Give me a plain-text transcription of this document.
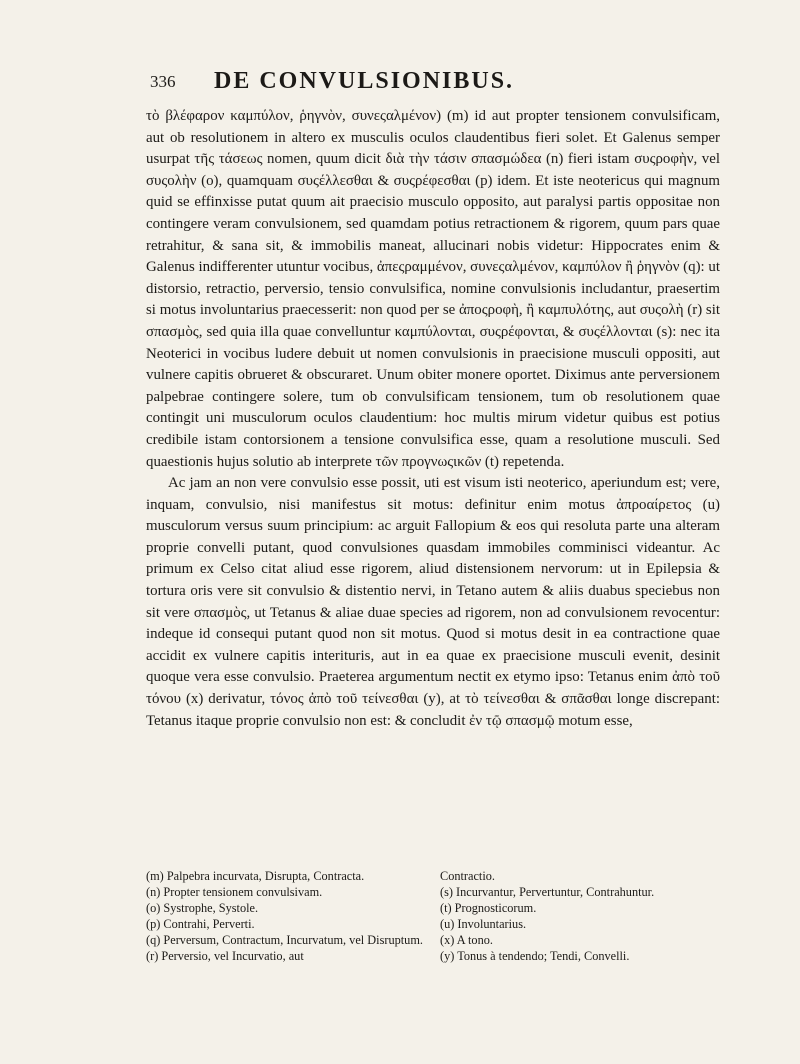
336 DE CONVULSIONIBUS.

τὸ βλέφαρον καμπύλον, ῥηγνὸν, συνεςαλμένον) (m) id aut propter tensionem convulsificam, aut ob resolutionem in altero ex musculis oculos claudentibus fieri solet. Et Galenus semper usurpat τῆς τάσεως nomen, quum dicit διὰ τὴν τάσιν σπασμώδεα (n) fieri istam συςροφὴν, vel συςολὴν (o), quamquam συςέλλεσθαι & συςρέφεσθαι (p) idem. Et iste neotericus qui magnum quid se effinxisse putat quum ait praecisio musculo opposito, aut paralysi partis oppositae non contingere veram convulsionem, sed quamdam potius retractionem & rigorem, quum pars quae retrahitur, & sana sit, & immobilis maneat, allucinari nobis videtur: Hippocrates enim & Galenus indifferenter utuntur vocibus, ἀπεςραμμένον, συνεςαλμένον, καμπύλον ἢ ῥηγνὸν (q): ut distorsio, retractio, perversio, tensio convulsifica, nomine convulsionis includantur, praesertim si motus involuntarius praecesserit: non quod per se ἀποςροφὴ, ἢ καμπυλότης, aut συςολὴ (r) sit σπασμὸς, sed quia illa quae convelluntur καμπύλονται, συςρέφονται, & συςέλλονται (s): nec ita Neoterici in vocibus ludere debuit ut nomen convulsionis in praecisione musculi oppositi, aut vulnere capitis obrueret & obscuraret. Unum obiter monere oportet. Diximus ante perversionem palpebrae contingere solere, tum ob convulsificam tensionem, tum ob resolutionem quae contingit uni musculorum oculos claudentium: hoc multis mirum videtur quibus est potius credibile istam contorsionem a tensione convulsifica esse, quam a resolutione musculi. Sed quaestionis hujus solutio ab interprete τῶν προγνωςικῶν (t) repetenda.

Ac jam an non vere convulsio esse possit, uti est visum isti neoterico, aperiundum est; vere, inquam, convulsio, nisi manifestus sit motus: definitur enim motus ἀπροαίρετος (u) musculorum versus suum principium: ac arguit Fallopium & eos qui resoluta parte una alteram proprie convelli putant, quod convulsiones quasdam immobiles comminisci videantur. Ac primum ex Celso citat aliud esse rigorem, aliud distensionem nervorum: ut in Epilepsia & tortura oris vere sit convulsio & distentio nervi, in Tetano autem & aliis duabus speciebus non sit vere σπασμὸς, ut Tetanus & aliae duae species ad rigorem, non ad convulsionem revocentur: indeque id consequi putant quod non sit motus. Quod si motus desit in ea contractione quae accidit ex vulnere capitis interituris, aut in ea quae ex praecisione musculi evenit, desinit quoque vera esse convulsio. Praeterea argumentum nectit ex etymo ipso: Tetanus enim ἀπὸ τοῦ τόνου (x) derivatur, τόνος ἀπὸ τοῦ τείνεσθαι (y), at τὸ τείνεσθαι & σπᾶσθαι longe discrepant: Tetanus itaque proprie convulsio non est: & concludit ἐν τῷ σπασμῷ motum esse,

(m) Palpebra incurvata, Disrupta, Contracta.
(n) Propter tensionem convulsivam.
(o) Systrophe, Systole.
(p) Contrahi, Perverti.
(q) Perversum, Contractum, Incurvatum, vel Disruptum.
(r) Perversio, vel Incurvatio, aut
Contractio.
(s) Incurvantur, Pervertuntur, Contrahuntur.
(t) Prognosticorum.
(u) Involuntarius.
(x) A tono.
(y) Tonus à tendendo; Tendi, Convelli.
